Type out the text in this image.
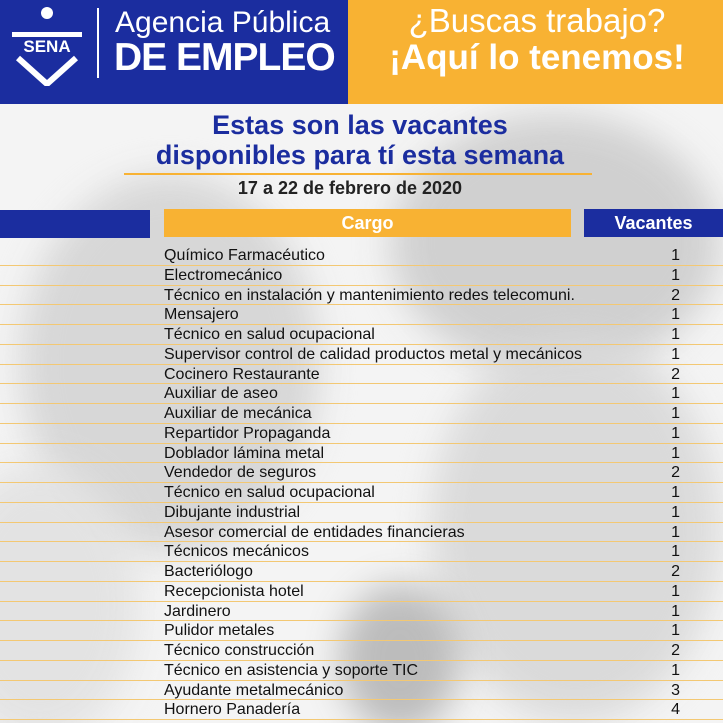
SENA
Agencia Pública
DE EMPLEO
¿Buscas trabajo?
¡Aquí lo tenemos!
Estas son las vacantes
disponibles para tí esta semana
17 a 22 de febrero de 2020
Cargo	Vacantes
Químico Farmacéutico	1
Electromecánico	1
Técnico en instalación y mantenimiento redes telecomuni.	2
Mensajero	1
Técnico en salud ocupacional	1
Supervisor control de calidad productos metal y mecánicos	1
Cocinero Restaurante	2
Auxiliar de aseo	1
Auxiliar de mecánica	1
Repartidor Propaganda	1
Doblador lámina metal	1
Vendedor de seguros	2
Técnico en salud ocupacional	1
Dibujante industrial	1
Asesor comercial de entidades financieras	1
Técnicos mecánicos	1
Bacteriólogo	2
Recepcionista hotel	1
Jardinero	1
Pulidor metales	1
Técnico construcción	2
Técnico en asistencia y soporte TIC	1
Ayudante metalmecánico	3
Hornero Panadería	4
